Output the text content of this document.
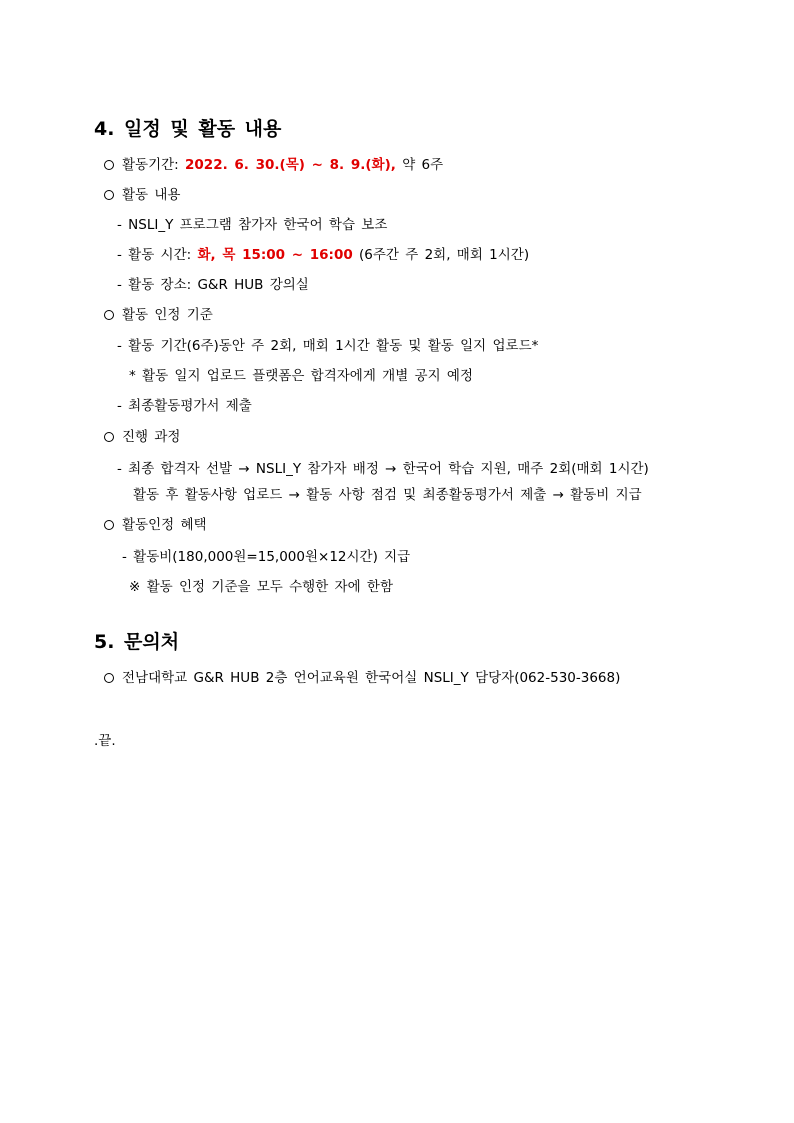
4. 일정 및 활동 내용
활동기간: 2022. 6. 30.(목) ~ 8. 9.(화), 약 6주
활동 내용
- NSLI_Y 프로그램 참가자 한국어 학습 보조
- 활동 시간: 화, 목 15:00 ~ 16:00 (6주간 주 2회, 매회 1시간)
- 활동 장소: G&R HUB 강의실
활동 인정 기준
- 활동 기간(6주)동안 주 2회, 매회 1시간 활동 및 활동 일지 업로드*
* 활동 일지 업로드 플랫폼은 합격자에게 개별 공지 예정
- 최종활동평가서 제출
진행 과정
- 최종 합격자 선발 → NSLI_Y 참가자 배정 → 한국어 학습 지원, 매주 2회(매회 1시간)
활동 후 활동사항 업로드 → 활동 사항 점검 및 최종활동평가서 제출 → 활동비 지급
활동인정 혜택
- 활동비(180,000원=15,000원×12시간) 지급
※ 활동 인정 기준을 모두 수행한 자에 한함
5. 문의처
전남대학교 G&R HUB 2층 언어교육원 한국어실 NSLI_Y 담당자(062-530-3668)
.끝.
